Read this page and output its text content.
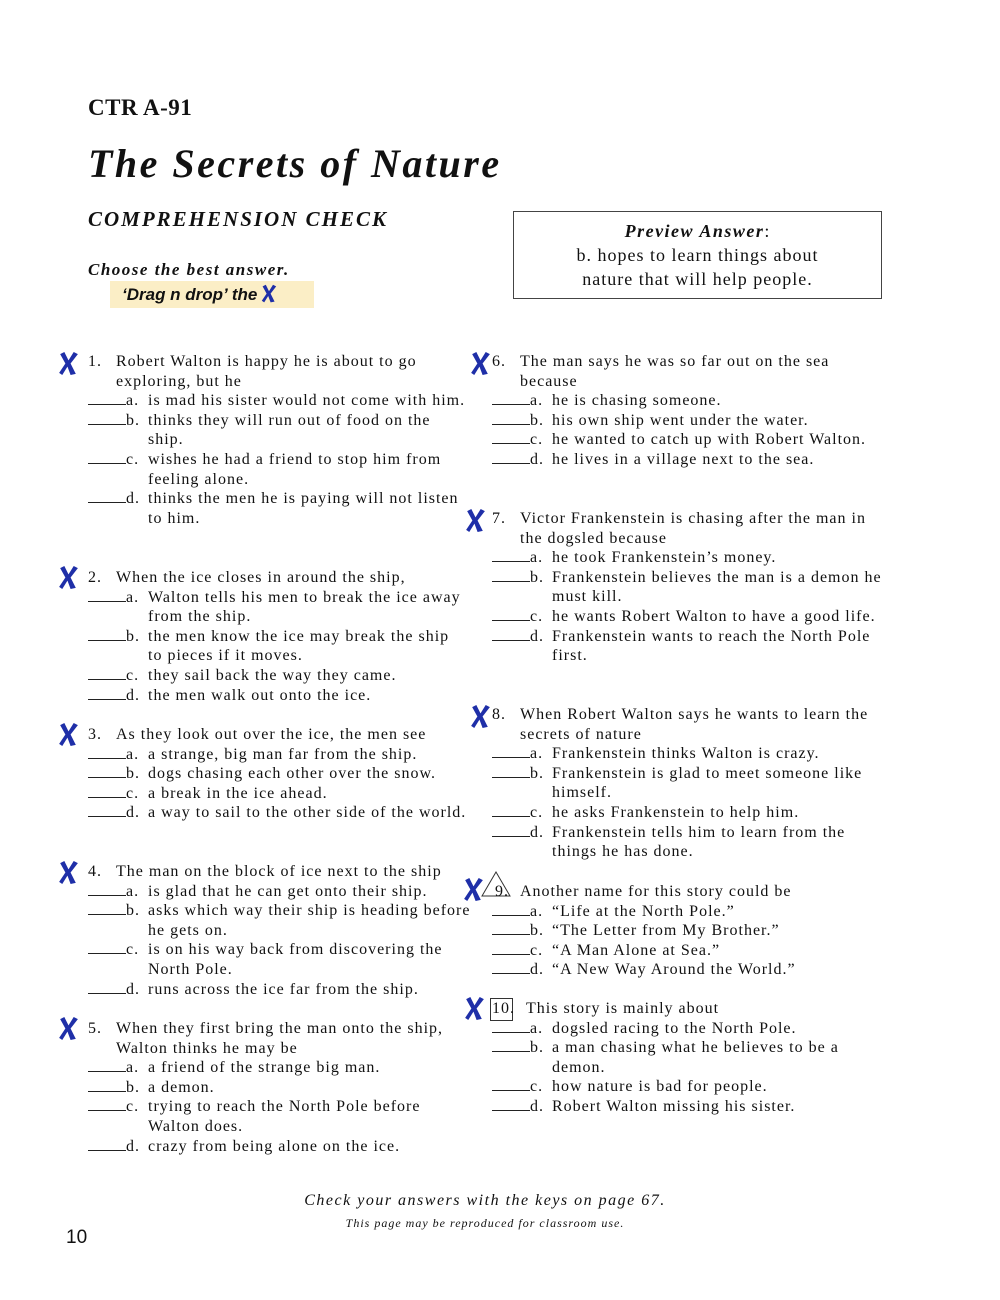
CTR A-91
The Secrets of Nature
COMPREHENSION CHECK
Choose the best answer.
‘Drag n drop’ the
Preview Answer:
b. hopes to learn things about
nature that will help people.
1. Robert Walton is happy he is about to go exploring, but he
a. is mad his sister would not come with him.
b. thinks they will run out of food on the ship.
c. wishes he had a friend to stop him from feeling alone.
d. thinks the men he is paying will not listen to him.
2. When the ice closes in around the ship,
a. Walton tells his men to break the ice away from the ship.
b. the men know the ice may break the ship to pieces if it moves.
c. they sail back the way they came.
d. the men walk out onto the ice.
3. As they look out over the ice, the men see
a. a strange, big man far from the ship.
b. dogs chasing each other over the snow.
c. a break in the ice ahead.
d. a way to sail to the other side of the world.
4. The man on the block of ice next to the ship
a. is glad that he can get onto their ship.
b. asks which way their ship is heading before he gets on.
c. is on his way back from discovering the North Pole.
d. runs across the ice far from the ship.
5. When they first bring the man onto the ship, Walton thinks he may be
a. a friend of the strange big man.
b. a demon.
c. trying to reach the North Pole before Walton does.
d. crazy from being alone on the ice.
6. The man says he was so far out on the sea because
a. he is chasing someone.
b. his own ship went under the water.
c. he wanted to catch up with Robert Walton.
d. he lives in a village next to the sea.
7. Victor Frankenstein is chasing after the man in the dogsled because
a. he took Frankenstein’s money.
b. Frankenstein believes the man is a demon he must kill.
c. he wants Robert Walton to have a good life.
d. Frankenstein wants to reach the North Pole first.
8. When Robert Walton says he wants to learn the secrets of nature
a. Frankenstein thinks Walton is crazy.
b. Frankenstein is glad to meet someone like himself.
c. he asks Frankenstein to help him.
d. Frankenstein tells him to learn from the things he has done.
9. Another name for this story could be
a. “Life at the North Pole.”
b. “The Letter from My Brother.”
c. “A Man Alone at Sea.”
d. “A New Way Around the World.”
10. This story is mainly about
a. dogsled racing to the North Pole.
b. a man chasing what he believes to be a demon.
c. how nature is bad for people.
d. Robert Walton missing his sister.
Check your answers with the keys on page 67.
This page may be reproduced for classroom use.
10
